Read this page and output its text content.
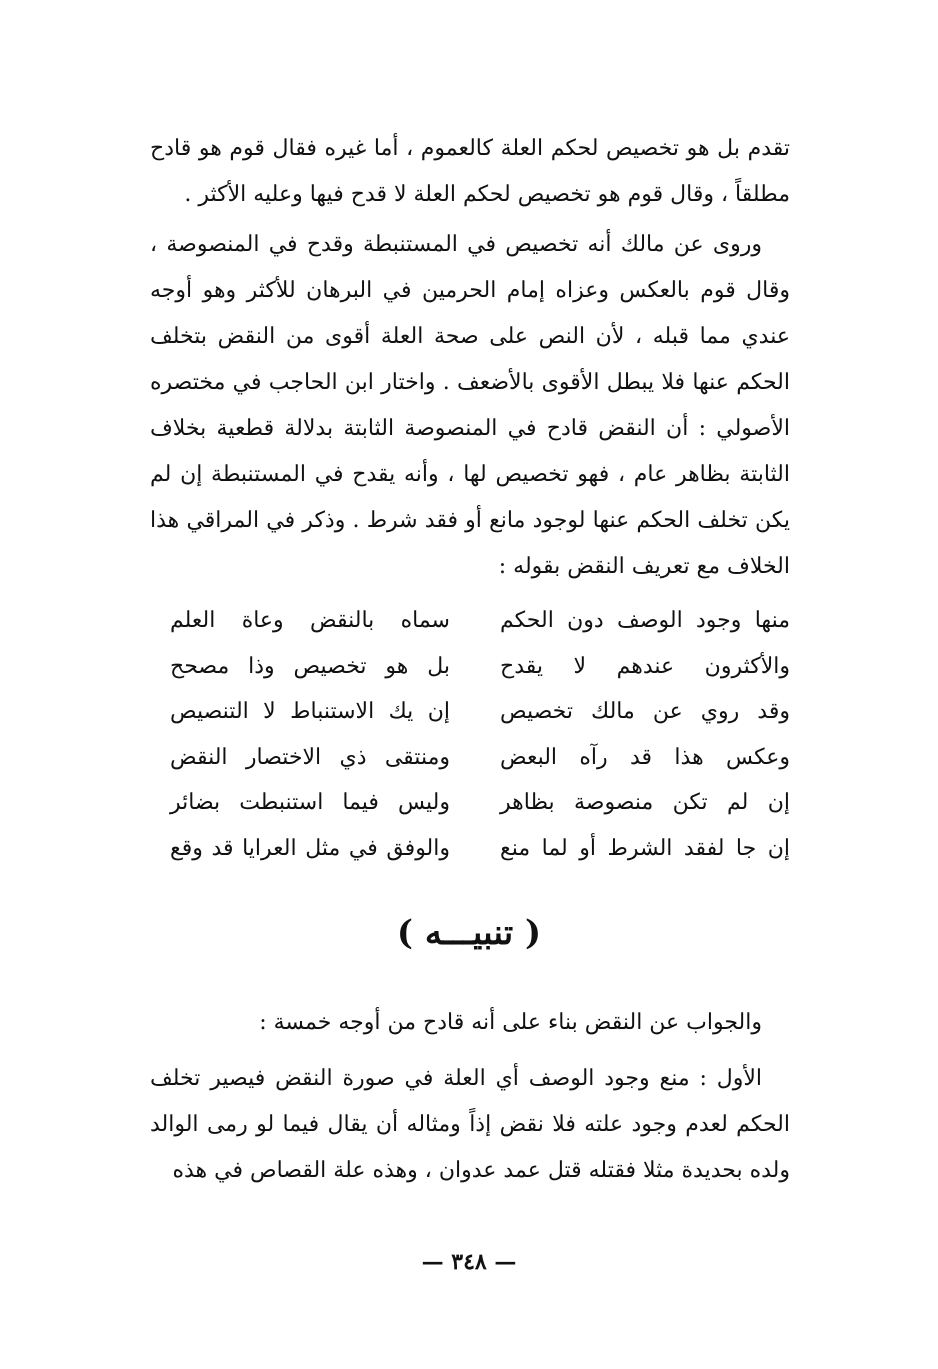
تقدم بل هو تخصيص لحكم العلة كالعموم ، أما غيره فقال قوم هو قادح مطلقاً ، وقال قوم هو تخصيص لحكم العلة لا قدح فيها وعليه الأكثر .

وروى عن مالك أنه تخصيص في المستنبطة وقدح في المنصوصة ، وقال قوم بالعكس وعزاه إمام الحرمين في البرهان للأكثر وهو أوجه عندي مما قبله ، لأن النص على صحة العلة أقوى من النقض بتخلف الحكم عنها فلا يبطل الأقوى بالأضعف . واختار ابن الحاجب في مختصره الأصولي : أن النقض قادح في المنصوصة الثابتة بدلالة قطعية بخلاف الثابتة بظاهر عام ، فهو تخصيص لها ، وأنه يقدح في المستنبطة إن لم يكن تخلف الحكم عنها لوجود مانع أو فقد شرط . وذكر في المراقي هذا الخلاف مع تعريف النقض بقوله :

منها وجود الوصف دون الحكم
سماه بالنقض وعاة العلم
والأكثرون عندهم لا يقدح
بل هو تخصيص وذا مصحح
وقد روي عن مالك تخصيص
إن يك الاستنباط لا التنصيص
وعكس هذا قد رآه البعض
ومنتقى ذي الاختصار النقض
إن لم تكن منصوصة بظاهر
وليس فيما استنبطت بضائر
إن جا لفقد الشرط أو لما منع
والوفق في مثل العرايا قد وقع
( تنبيـــه )

والجواب عن النقض بناء على أنه قادح من أوجه خمسة :

الأول : منع وجود الوصف أي العلة في صورة النقض فيصير تخلف الحكم لعدم وجود علته فلا نقض إذاً ومثاله أن يقال فيما لو رمى الوالد ولده بحديدة مثلا فقتله قتل عمد عدوان ، وهذه علة القصاص في هذه

— ٣٤٨ —
